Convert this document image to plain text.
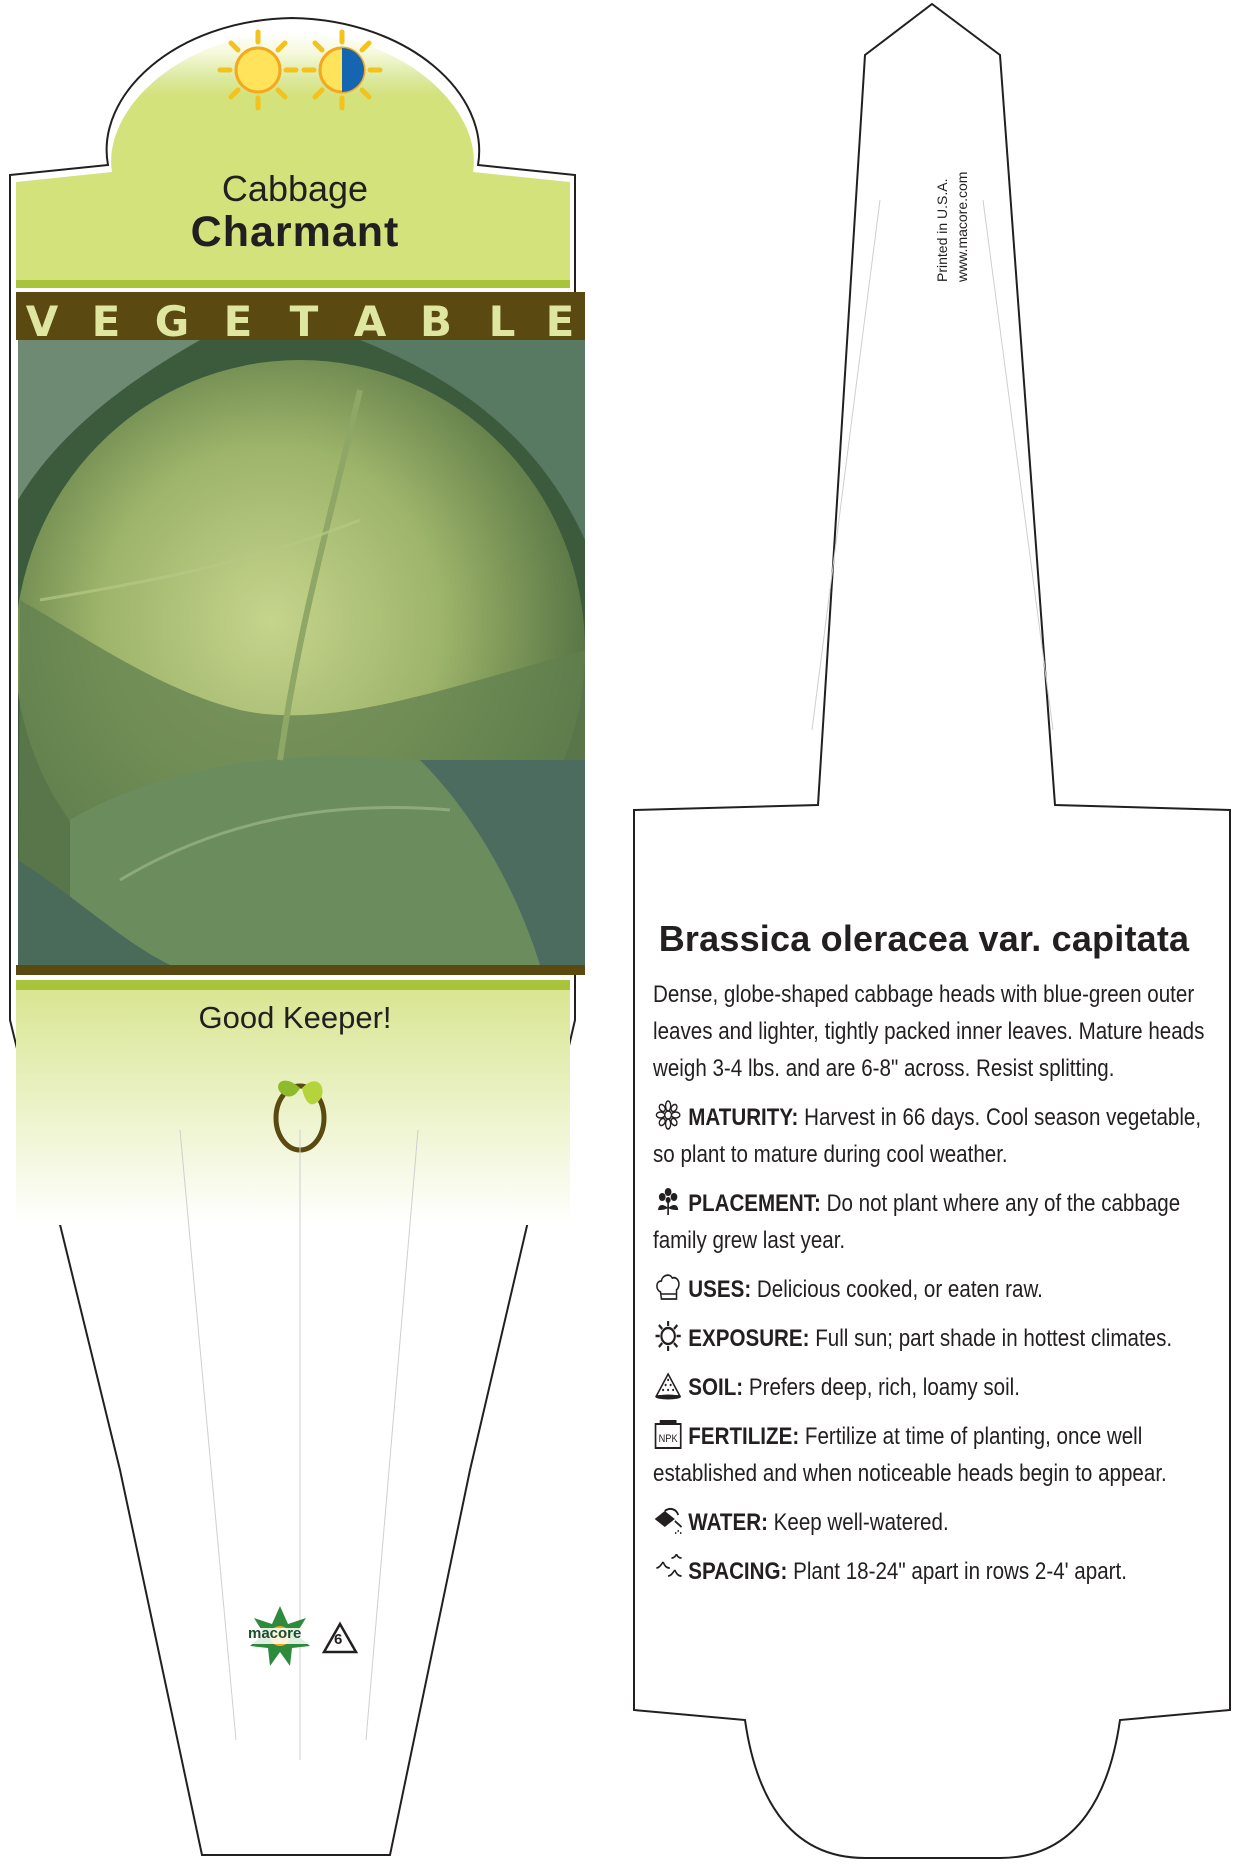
Cabbage
Charmant
V E G E T A B L E
Good Keeper!
macore 6
Printed in U.S.A. www.macore.com
Brassica oleracea var. capitata

Dense, globe-shaped cabbage heads with blue-green outer leaves and lighter, tightly packed inner leaves. Mature heads weigh 3-4 lbs. and are 6-8" across. Resist splitting.

MATURITY: Harvest in 66 days. Cool season vegetable, so plant to mature during cool weather.

PLACEMENT: Do not plant where any of the cabbage family grew last year.

USES: Delicious cooked, or eaten raw.

EXPOSURE: Full sun; part shade in hottest climates.

SOIL: Prefers deep, rich, loamy soil.

NPK FERTILIZE: Fertilize at time of planting, once well established and when noticeable heads begin to appear.

WATER: Keep well-watered.

SPACING: Plant 18-24" apart in rows 2-4' apart.
